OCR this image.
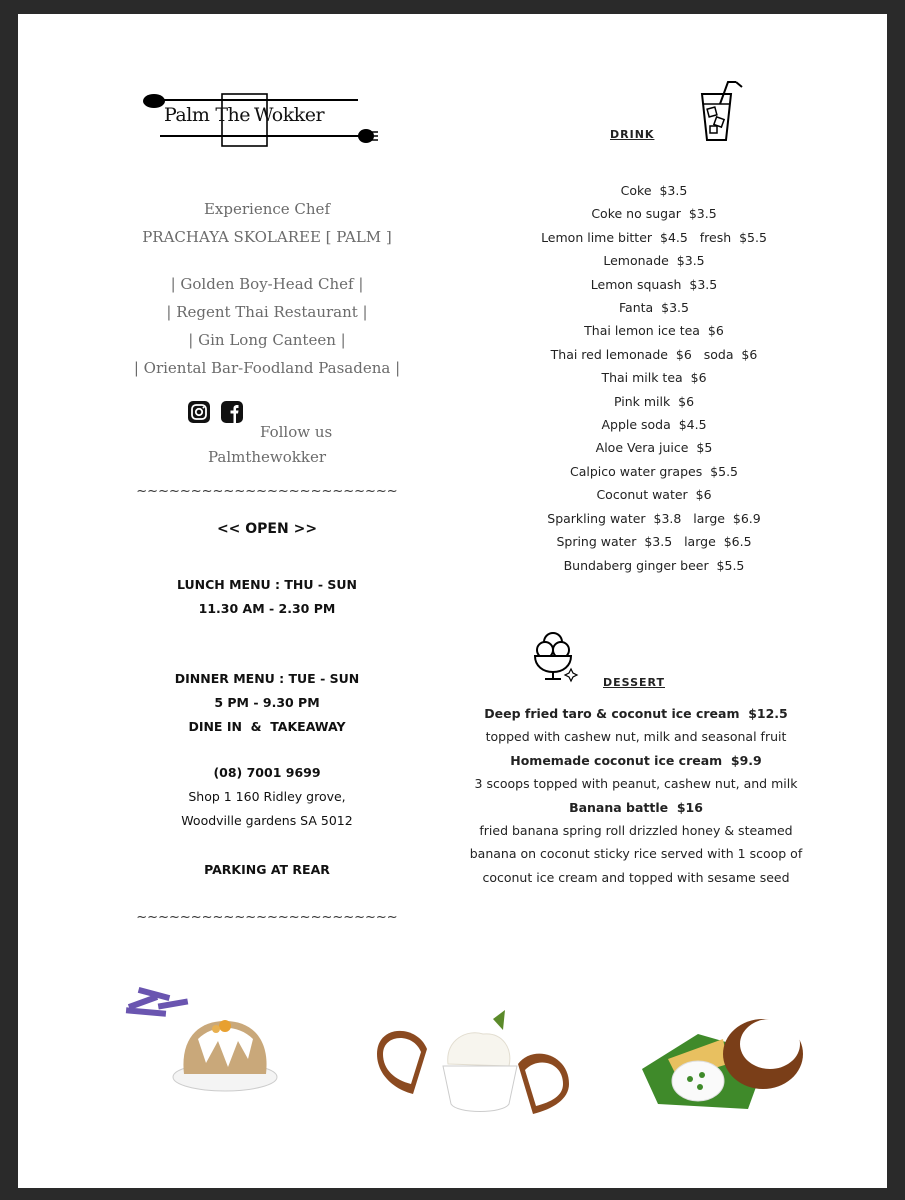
Palm The Wokker
Experience Chef
PRACHAYA SKOLAREE [ PALM ]
| Golden Boy-Head Chef |
| Regent Thai Restaurant |
| Gin Long Canteen |
| Oriental Bar-Foodland Pasadena |
Follow us
Palmthewokker
~~~~~~~~~~~~~~~~~~~~~~~~
<< OPEN >>
LUNCH MENU : THU - SUN
11.30 AM - 2.30 PM
DINNER MENU : TUE - SUN
5 PM - 9.30 PM
DINE IN  &  TAKEAWAY
(08) 7001 9699
Shop 1 160 Ridley grove,
Woodville gardens SA 5012
PARKING AT REAR
~~~~~~~~~~~~~~~~~~~~~~~~
DRINK
Coke  $3.5
Coke no sugar  $3.5
Lemon lime bitter  $4.5   fresh  $5.5
Lemonade  $3.5
Lemon squash  $3.5
Fanta  $3.5
Thai lemon ice tea  $6
Thai red lemonade  $6   soda  $6
Thai milk tea  $6
Pink milk  $6
Apple soda  $4.5
Aloe Vera juice  $5
Calpico water grapes  $5.5
Coconut water  $6
Sparkling water  $3.8   large  $6.9
Spring water  $3.5   large  $6.5
Bundaberg ginger beer  $5.5
DESSERT
Deep fried taro & coconut ice cream  $12.5
topped with cashew nut, milk and seasonal fruit
Homemade coconut ice cream  $9.9
3 scoops topped with peanut, cashew nut, and milk
Banana battle  $16
fried banana spring roll drizzled honey & steamed
banana on coconut sticky rice served with 1 scoop of
coconut ice cream and topped with sesame seed
